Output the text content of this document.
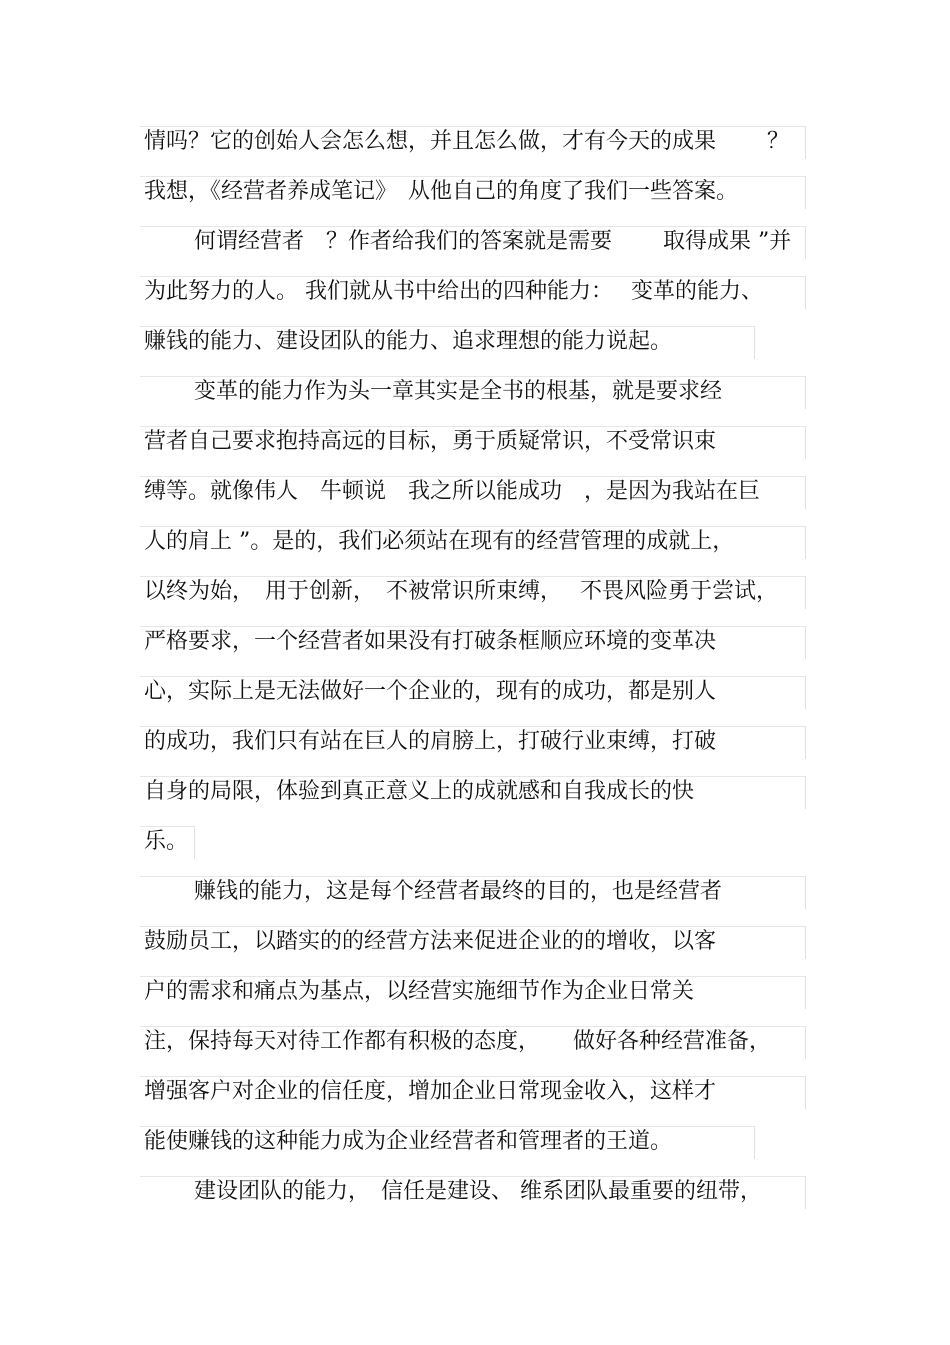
情吗？它的创始人会怎么想，并且怎么做，才有今天的成果　　 ？
我想，《经营者养成笔记》　从他自己的角度了我们一些答案。
何谓经营者　？作者给我们的答案就是需要　　 取得成果 ”并
为此努力的人。 我们就从书中给出的四种能力：　 变革的能力、
赚钱的能力、建设团队的能力、追求理想的能力说起。
变革的能力作为头一章其实是全书的根基，就是要求经
营者自己要求抱持高远的目标，勇于质疑常识，不受常识束
缚等。就像伟人　牛顿说　我之所以能成功　，是因为我站在巨
人的肩上 ”。是的，我们必须站在现有的经营管理的成就上，
以终为始，　用于创新，　不被常识所束缚，　 不畏风险勇于尝试，
严格要求，一个经营者如果没有打破条框顺应环境的变革决
心，实际上是无法做好一个企业的，现有的成功，都是别人
的成功，我们只有站在巨人的肩膀上，打破行业束缚，打破
自身的局限，体验到真正意义上的成就感和自我成长的快
乐。
赚钱的能力，这是每个经营者最终的目的，也是经营者
鼓励员工，以踏实的的经营方法来促进企业的的增收，以客
户的需求和痛点为基点，以经营实施细节作为企业日常关
注，保持每天对待工作都有积极的态度，　　做好各种经营准备，
增强客户对企业的信任度，增加企业日常现金收入，这样才
能使赚钱的这种能力成为企业经营者和管理者的王道。
建设团队的能力，　信任是建设、 维系团队最重要的纽带，
